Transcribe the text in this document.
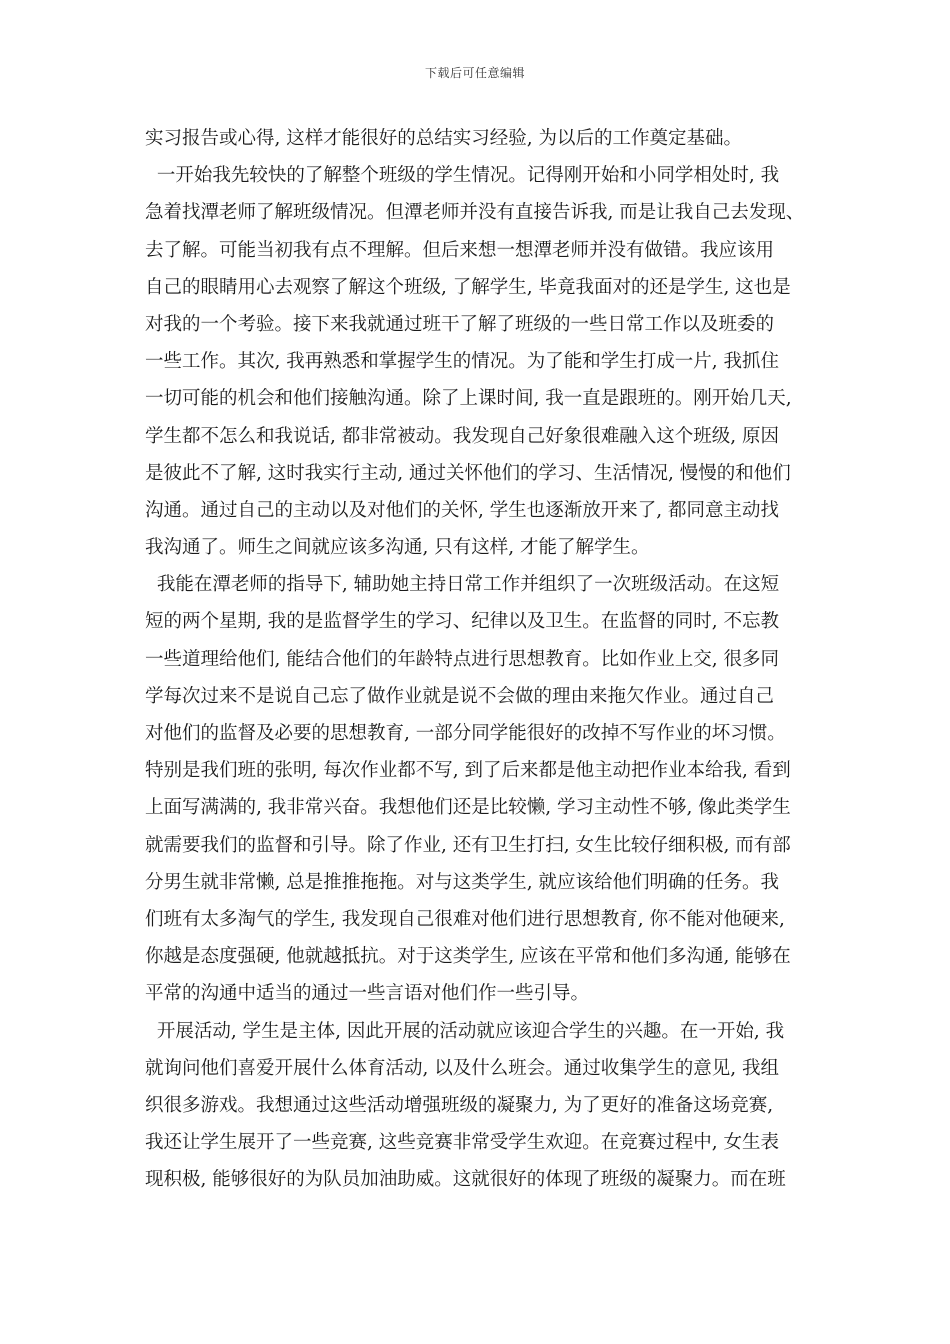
下载后可任意编辑
实习报告或心得, 这样才能很好的总结实习经验, 为以后的工作奠定基础。
一开始我先较快的了解整个班级的学生情况。记得刚开始和小同学相处时, 我
急着找潭老师了解班级情况。但潭老师并没有直接告诉我, 而是让我自己去发现、
去了解。可能当初我有点不理解。但后来想一想潭老师并没有做错。我应该用
自己的眼睛用心去观察了解这个班级, 了解学生, 毕竟我面对的还是学生, 这也是
对我的一个考验。接下来我就通过班干了解了班级的一些日常工作以及班委的
一些工作。其次, 我再熟悉和掌握学生的情况。为了能和学生打成一片, 我抓住
一切可能的机会和他们接触沟通。除了上课时间, 我一直是跟班的。刚开始几天,
学生都不怎么和我说话, 都非常被动。我发现自己好象很难融入这个班级, 原因
是彼此不了解, 这时我实行主动, 通过关怀他们的学习、生活情况, 慢慢的和他们
沟通。通过自己的主动以及对他们的关怀, 学生也逐渐放开来了, 都同意主动找
我沟通了。师生之间就应该多沟通, 只有这样, 才能了解学生。
我能在潭老师的指导下, 辅助她主持日常工作并组织了一次班级活动。在这短
短的两个星期, 我的是监督学生的学习、纪律以及卫生。在监督的同时, 不忘教
一些道理给他们, 能结合他们的年龄特点进行思想教育。比如作业上交, 很多同
学每次过来不是说自己忘了做作业就是说不会做的理由来拖欠作业。通过自己
对他们的监督及必要的思想教育, 一部分同学能很好的改掉不写作业的坏习惯。
特别是我们班的张明, 每次作业都不写, 到了后来都是他主动把作业本给我, 看到
上面写满满的, 我非常兴奋。我想他们还是比较懒, 学习主动性不够, 像此类学生
就需要我们的监督和引导。除了作业, 还有卫生打扫, 女生比较仔细积极, 而有部
分男生就非常懒, 总是推推拖拖。对与这类学生, 就应该给他们明确的任务。我
们班有太多淘气的学生, 我发现自己很难对他们进行思想教育, 你不能对他硬来,
你越是态度强硬, 他就越抵抗。对于这类学生, 应该在平常和他们多沟通, 能够在
平常的沟通中适当的通过一些言语对他们作一些引导。
开展活动, 学生是主体, 因此开展的活动就应该迎合学生的兴趣。在一开始, 我
就询问他们喜爱开展什么体育活动, 以及什么班会。通过收集学生的意见, 我组
织很多游戏。我想通过这些活动增强班级的凝聚力, 为了更好的准备这场竞赛,
我还让学生展开了一些竞赛, 这些竞赛非常受学生欢迎。在竞赛过程中, 女生表
现积极, 能够很好的为队员加油助威。这就很好的体现了班级的凝聚力。而在班
